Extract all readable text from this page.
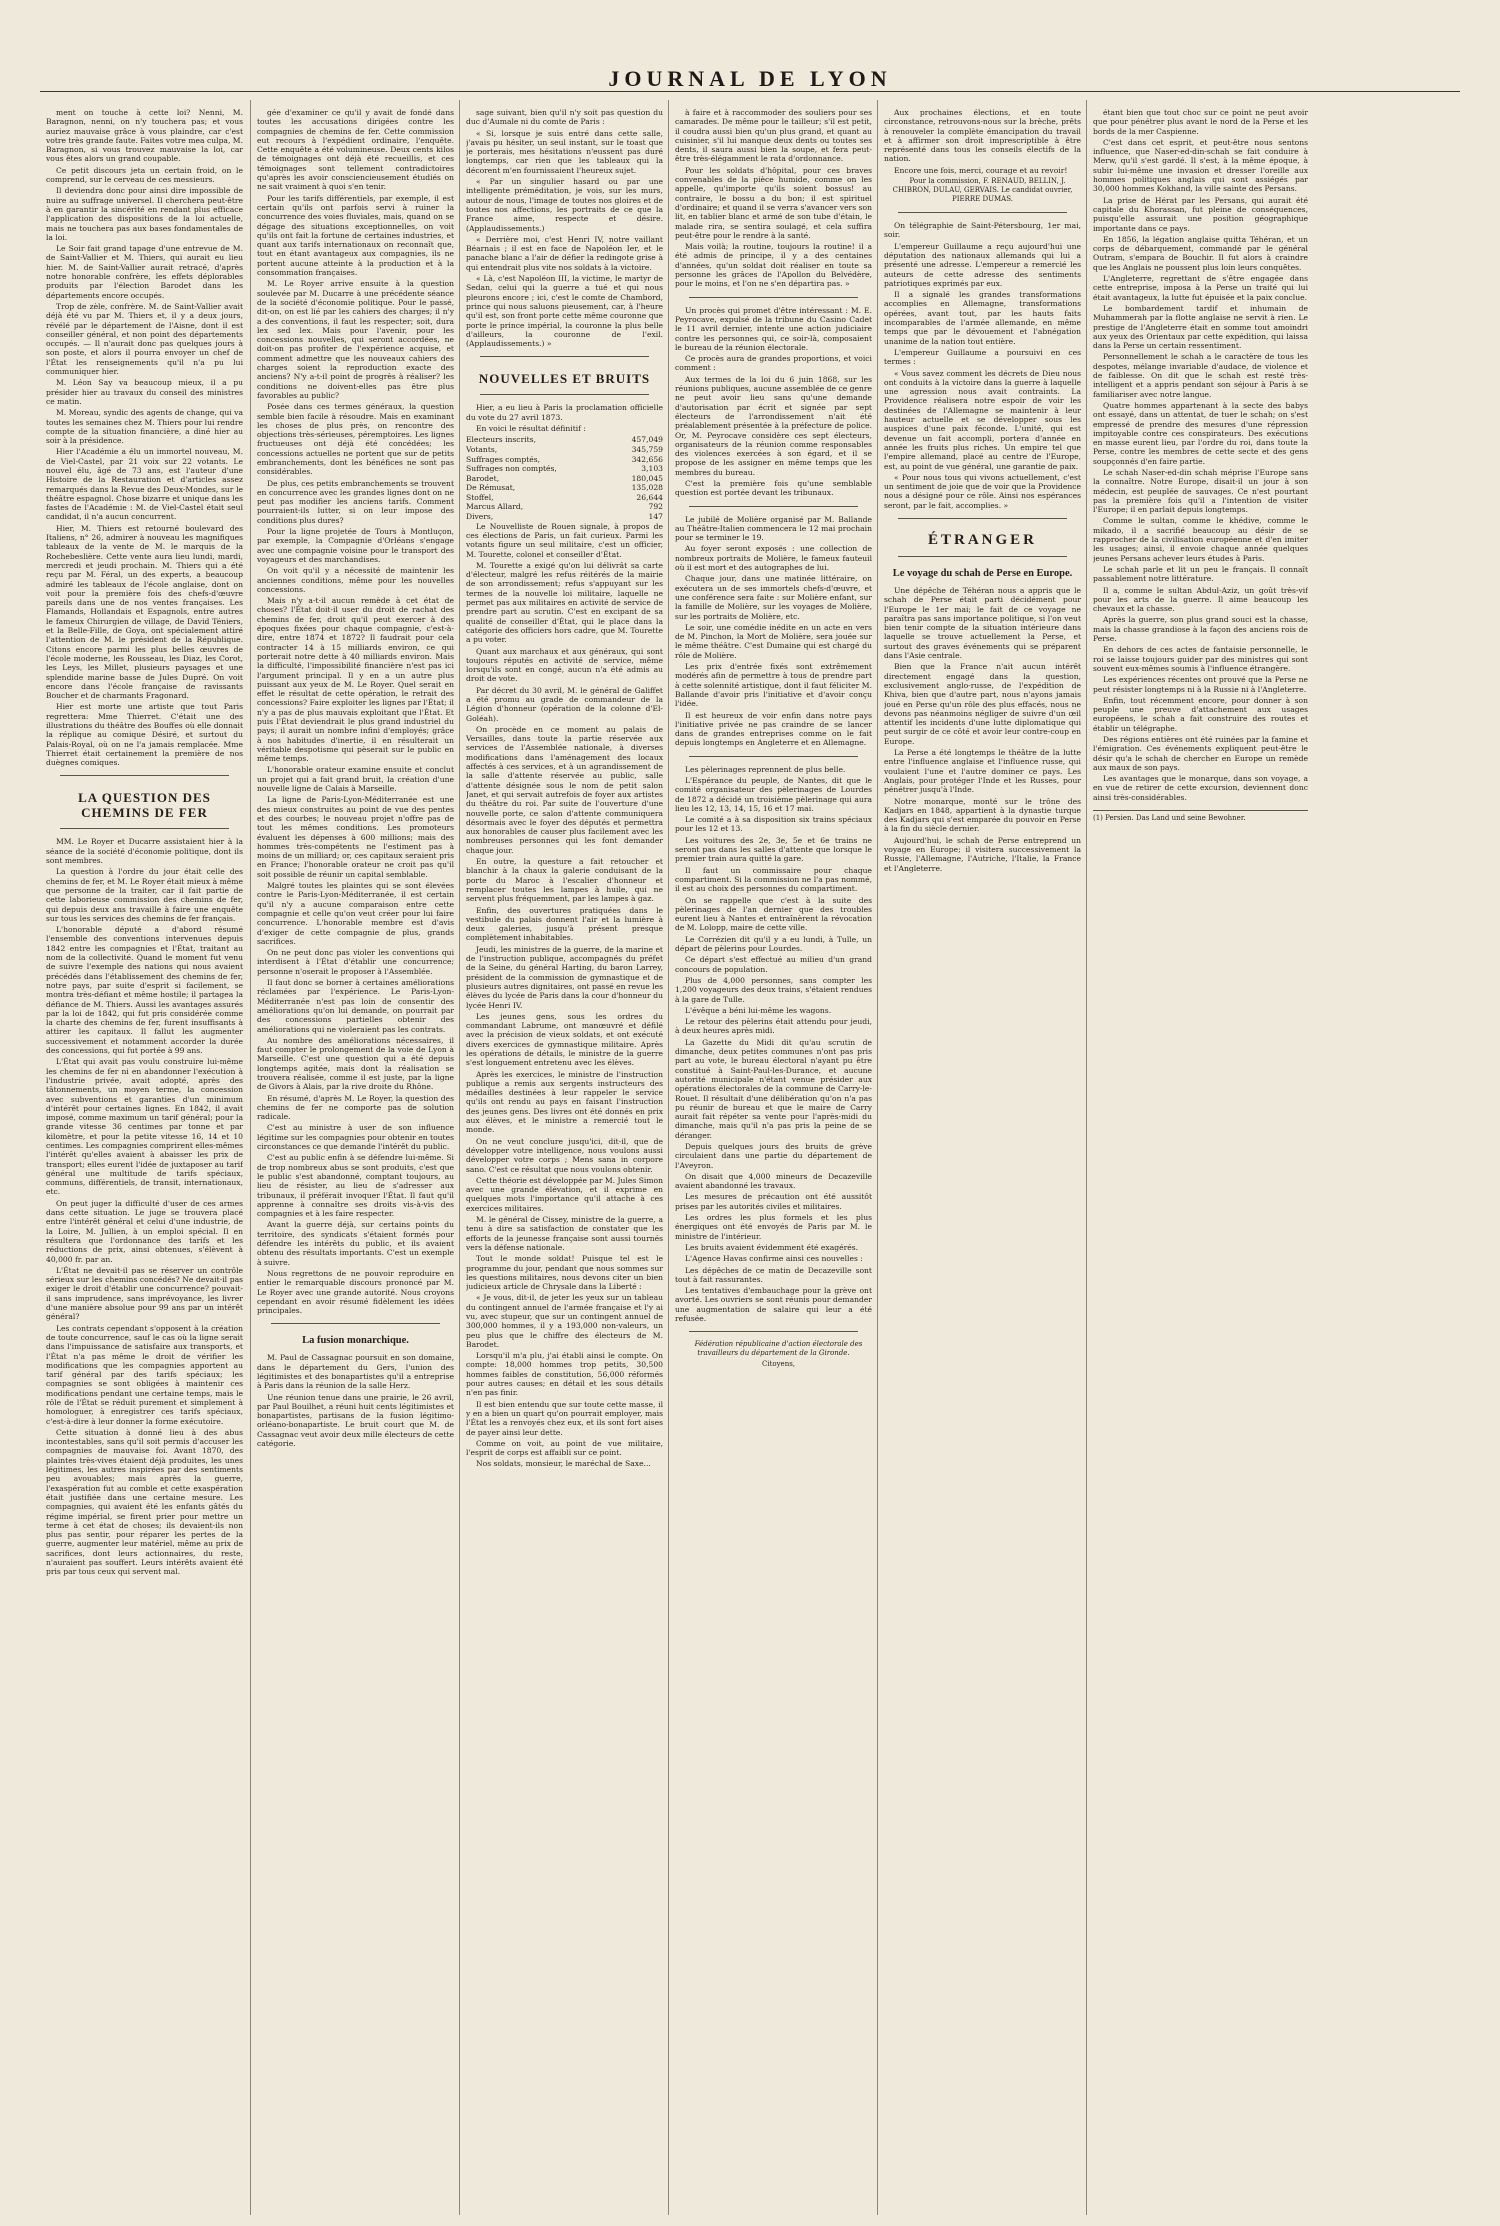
JOURNAL DE LYON

ment on touche à cette loi? Nenni, M. Baragnon, nenni, on n'y touchera pas; et vous auriez mauvaise grâce à vous plaindre, car c'est votre très grande faute. Faites votre mea culpa, M. Baragnon, si vous trouvez mauvaise la loi, car vous êtes alors un grand coupable.

Ce petit discours jeta un certain froid, on le comprend, sur le cerveau de ces messieurs.

Il deviendra donc pour ainsi dire impossible de nuire au suffrage universel. Il cherchera peut-être à en garantir la sincérité en rendant plus efficace l'application des dispositions de la loi actuelle, mais ne touchera pas aux bases fondamentales de la loi.

Le Soir fait grand tapage d'une entrevue de M. de Saint-Vallier et M. Thiers, qui aurait eu lieu hier. M. de Saint-Vallier aurait retracé, d'après notre honorable confrère, les effets déplorables produits par l'élection Barodet dans les départements encore occupés.

Trop de zèle, confrère. M. de Saint-Vallier avait déjà été vu par M. Thiers et, il y a deux jours, révélé par le département de l'Aisne, dont il est conseiller général, et non point des départements occupés. — Il n'aurait donc pas quelques jours à son poste, et alors il pourra envoyer un chef de l'État les renseignements qu'il n'a pu lui communiquer hier.

M. Léon Say va beaucoup mieux, il a pu présider hier au travaux du conseil des ministres ce matin.

M. Moreau, syndic des agents de change, qui va toutes les semaines chez M. Thiers pour lui rendre compte de la situation financière, a diné hier au soir à la présidence.

Hier l'Académie a élu un immortel nouveau, M. de Viel-Castel, par 21 voix sur 22 votants. Le nouvel élu, âgé de 73 ans, est l'auteur d'une Histoire de la Restauration et d'articles assez remarqués dans la Revue des Deux-Mondes, sur le théâtre espagnol. Chose bizarre et unique dans les fastes de l'Académie : M. de Viel-Castel était seul candidat, il n'a aucun concurrent.

Hier, M. Thiers est retourné boulevard des Italiens, n° 26, admirer à nouveau les magnifiques tableaux de la vente de M. le marquis de la Rochebeslière. Cette vente aura lieu lundi, mardi, mercredi et jeudi prochain. M. Thiers qui a été reçu par M. Féral, un des experts, a beaucoup admiré les tableaux de l'école anglaise, dont on voit pour la première fois des chefs-d'œuvre pareils dans une de nos ventes françaises. Les Flamands, Hollandais et Espagnols, entre autres le fameux Chirurgien de village, de David Téniers, et la Belle-Fille, de Goya, ont spécialement attiré l'attention de M. le président de la République. Citons encore parmi les plus belles œuvres de l'école moderne, les Rousseau, les Diaz, les Corot, les Leys, les Millet, plusieurs paysages et une splendide marine basse de Jules Dupré. On voit encore dans l'école française de ravissants Boucher et de charmants Fragonard.

Hier est morte une artiste que tout Paris regrettera: Mme Thierret. C'était une des illustrations du théâtre des Bouffes où elle donnait la réplique au comique Désiré, et surtout du Palais-Royal, où on ne l'a jamais remplacée. Mme Thierret était certainement la première de nos duègnes comiques.

LA QUESTION DES CHEMINS DE FER

MM. Le Royer et Ducarre assistaient hier à la séance de la société d'économie politique, dont ils sont membres.

La question à l'ordre du jour était celle des chemins de fer, et M. Le Royer était mieux à même que personne de la traiter, car il fait partie de cette laborieuse commission des chemins de fer, qui depuis deux ans travaille à faire une enquête sur tous les services des chemins de fer français.

L'honorable député a d'abord résumé l'ensemble des conventions intervenues depuis 1842 entre les compagnies et l'État, traitant au nom de la collectivité. Quand le moment fut venu de suivre l'exemple des nations qui nous avaient précédés dans l'établissement des chemins de fer, notre pays, par suite d'esprit si facilement, se montra très-défiant et même hostile; il partagea la défiance de M. Thiers. Aussi les avantages assurés par la loi de 1842, qui fut pris considérée comme la charte des chemins de fer, furent insuffisants à attirer les capitaux. Il fallut les augmenter successivement et notamment accorder la durée des concessions, qui fut portée à 99 ans.

L'État qui avait pas voulu construire lui-même les chemins de fer ni en abandonner l'exécution à l'industrie privée, avait adopté, après des tâtonnements, un moyen terme, la concession avec subventions et garanties d'un minimum d'intérêt pour certaines lignes. En 1842, il avait imposé, comme maximum un tarif général; pour la grande vitesse 36 centimes par tonne et par kilomètre, et pour la petite vitesse 16, 14 et 10 centimes. Les compagnies comprirent elles-mêmes l'intérêt qu'elles avaient à abaisser les prix de transport; elles eurent l'idée de juxtaposer au tarif général une multitude de tarifs spéciaux, communs, différentiels, de transit, internationaux, etc.

On peut juger la difficulté d'user de ces armes dans cette situation. Le juge se trouvera placé entre l'intérêt général et celui d'une industrie, de la Loire, M. Jullien, à un emploi spécial. Il en résultera que l'ordonnance des tarifs et les réductions de prix, ainsi obtenues, s'élèvent à 40,000 fr. par an.

L'État ne devait-il pas se réserver un contrôle sérieux sur les chemins concédés? Ne devait-il pas exiger le droit d'établir une concurrence? pouvait-il sans imprudence, sans imprévoyance, les livrer d'une manière absolue pour 99 ans par un intérêt général?

Les contrats cependant s'opposent à la création de toute concurrence, sauf le cas où la ligne serait dans l'impuissance de satisfaire aux transports, et l'État n'a pas même le droit de vérifier les modifications que les compagnies apportent au tarif général par des tarifs spéciaux; les compagnies se sont obligées à maintenir ces modifications pendant une certaine temps, mais le rôle de l'État se réduit purement et simplement à homologuer, à enregistrer ces tarifs spéciaux, c'est-à-dire à leur donner la forme exécutoire.

Cette situation à donné lieu à des abus incontestables, sans qu'il soit permis d'accuser les compagnies de mauvaise foi. Avant 1870, des plaintes très-vives étaient déjà produites, les unes légitimes, les autres inspirées par des sentiments peu avouables; mais après la guerre, l'exaspération fut au comble et cette exaspération était justifiée dans une certaine mesure. Les compagnies, qui avaient été les enfants gâtés du régime impérial, se firent prier pour mettre un terme à cet état de choses; ils devaient-ils non plus pas sentir, pour réparer les pertes de la guerre, augmenter leur matériel, même au prix de sacrifices, dont leurs actionnaires, du reste, n'auraient pas souffert. Leurs intérêts avaient été pris par tous ceux qui servent mal.

gée d'examiner ce qu'il y avait de fondé dans toutes les accusations dirigées contre les compagnies de chemins de fer. Cette commission eut recours à l'expédient ordinaire, l'enquête. Cette enquête a été volumineuse. Deux cents kilos de témoignages ont déjà été recueillis, et ces témoignages sont tellement contradictoires qu'après les avoir consciencieusement étudiés on ne sait vraiment à quoi s'en tenir.

Pour les tarifs différentiels, par exemple, il est certain qu'ils ont parfois servi à ruiner la concurrence des voies fluviales, mais, quand on se dégage des situations exceptionnelles, on voit qu'ils ont fait la fortune de certaines industries, et quant aux tarifs internationaux on reconnaît que, tout en étant avantageux aux compagnies, ils ne portent aucune atteinte à la production et à la consommation françaises.

M. Le Royer arrive ensuite à la question soulevée par M. Ducarre à une précédente séance de la société d'économie politique. Pour le passé, dit-on, on est lié par les cahiers des charges; il n'y a des conventions, il faut les respecter; soit, dura lex sed lex. Mais pour l'avenir, pour les concessions nouvelles, qui seront accordées, ne doit-on pas profiter de l'expérience acquise, et comment admettre que les nouveaux cahiers des charges soient la reproduction exacte des anciens? N'y a-t-il point de progrès à réaliser? les conditions ne doivent-elles pas être plus favorables au public?

Posée dans ces termes généraux, la question semble bien facile à résoudre. Mais en examinant les choses de plus près, on rencontre des objections très-sérieuses, péremptoires. Les lignes fructueuses ont déjà été concédées; les concessions actuelles ne portent que sur de petits embranchements, dont les bénéfices ne sont pas considérables.

De plus, ces petits embranchements se trouvent en concurrence avec les grandes lignes dont on ne peut pas modifier les anciens tarifs. Comment pourraient-ils lutter, si on leur impose des conditions plus dures?

Pour la ligne projetée de Tours à Montluçon, par exemple, la Compagnie d'Orléans s'engage avec une compagnie voisine pour le transport des voyageurs et des marchandises.

On voit qu'il y a nécessité de maintenir les anciennes conditions, même pour les nouvelles concessions.

Mais n'y a-t-il aucun remède à cet état de choses? l'État doit-il user du droit de rachat des chemins de fer, droit qu'il peut exercer à des époques fixées pour chaque compagnie, c'est-à-dire, entre 1874 et 1872? Il faudrait pour cela contracter 14 à 15 milliards environ, ce qui porterait notre dette à 40 milliards environ. Mais la difficulté, l'impossibilité financière n'est pas ici l'argument principal. Il y en a un autre plus puissant aux yeux de M. Le Royer. Quel serait en effet le résultat de cette opération, le retrait des concessions? Faire exploiter les lignes par l'État; il n'y a pas de plus mauvais exploitant que l'État. Et puis l'État deviendrait le plus grand industriel du pays; il aurait un nombre infini d'employés; grâce à nos habitudes d'inertie, il en résulterait un véritable despotisme qui pèserait sur le public en même temps.

L'honorable orateur examine ensuite et conclut un projet qui a fait grand bruit, la création d'une nouvelle ligne de Calais à Marseille.

La ligne de Paris-Lyon-Méditerranée est une des mieux construites au point de vue des pentes et des courbes; le nouveau projet n'offre pas de tout les mêmes conditions. Les promoteurs évaluent les dépenses à 600 millions; mais des hommes très-compétents ne l'estiment pas à moins de un milliard; or, ces capitaux seraient pris en France; l'honorable orateur ne croit pas qu'il soit possible de réunir un capital semblable.

Malgré toutes les plaintes qui se sont élevées contre le Paris-Lyon-Méditerranée, il est certain qu'il n'y a aucune comparaison entre cette compagnie et celle qu'on veut créer pour lui faire concurrence. L'honorable membre est d'avis d'exiger de cette compagnie de plus, grands sacrifices.

On ne peut donc pas violer les conventions qui interdisent à l'État d'établir une concurrence; personne n'oserait le proposer à l'Assemblée.

Il faut donc se borner à certaines améliorations réclamées par l'expérience. Le Paris-Lyon-Méditerranée n'est pas loin de consentir des améliorations qu'on lui demande, on pourrait par des concessions partielles obtenir des améliorations qui ne violeraient pas les contrats.

Au nombre des améliorations nécessaires, il faut compter le prolongement de la voie de Lyon à Marseille. C'est une question qui a été depuis longtemps agitée, mais dont la réalisation se trouvera réalisée, comme il est juste, par la ligne de Givors à Alais, par la rive droite du Rhône.

En résumé, d'après M. Le Royer, la question des chemins de fer ne comporte pas de solution radicale.

C'est au ministre à user de son influence légitime sur les compagnies pour obtenir en toutes circonstances ce que demande l'intérêt du public.

C'est au public enfin à se défendre lui-même. Si de trop nombreux abus se sont produits, c'est que le public s'est abandonné, comptant toujours, au lieu de résister, au lieu de s'adresser aux tribunaux, il préférait invoquer l'État. Il faut qu'il apprenne à connaître ses droits vis-à-vis des compagnies et à les faire respecter.

Avant la guerre déjà, sur certains points du territoire, des syndicats s'étaient formés pour défendre les intérêts du public, et ils avaient obtenu des résultats importants. C'est un exemple à suivre.

Nous regrettons de ne pouvoir reproduire en entier le remarquable discours prononcé par M. Le Royer avec une grande autorité. Nous croyons cependant en avoir résumé fidèlement les idées principales.

La fusion monarchique.

M. Paul de Cassagnac poursuit en son domaine, dans le département du Gers, l'union des légitimistes et des bonapartistes qu'il a entreprise à Paris dans la réunion de la salle Herz.

Une réunion tenue dans une prairie, le 26 avril, par Paul Bouilhet, a réuni huit cents légitimistes et bonapartistes, partisans de la fusion légitimo-orléano-bonapartiste. Le bruit court que M. de Cassagnac veut avoir deux mille électeurs de cette catégorie.

sage suivant, bien qu'il n'y soit pas question du duc d'Aumale ni du comte de Paris :

« Si, lorsque je suis entré dans cette salle, j'avais pu hésiter, un seul instant, sur le toast que je porterais, mes hésitations n'eussent pas duré longtemps, car rien que les tableaux qui la décorent m'en fournissaient l'heureux sujet.

« Par un singulier hasard ou par une intelligente préméditation, je vois, sur les murs, autour de nous, l'image de toutes nos gloires et de toutes nos affections, les portraits de ce que la France aime, respecte et désire. (Applaudissements.)

« Derrière moi, c'est Henri IV, notre vaillant Béarnais ; il est en face de Napoléon Ier, et le panache blanc a l'air de défier la redingote grise à qui entendrait plus vite nos soldats à la victoire.

« Là, c'est Napoléon III, la victime, le martyr de Sedan, celui qui la guerre a tué et qui nous pleurons encore ; ici, c'est le comte de Chambord, prince qui nous saluons pieusement, car, à l'heure qu'il est, son front porte cette même couronne que porte le prince impérial, la couronne la plus belle d'ailleurs, la couronne de l'exil. (Applaudissements.) »

NOUVELLES ET BRUITS

Hier, a eu lieu à Paris la proclamation officielle du vote du 27 avril 1873.

En voici le résultat définitif :

Electeurs inscrits,	457,049
Votants,	345,759
Suffrages comptés,	342,656
Suffrages non comptés,	3,103
Barodet,	180,045
De Rémusat,	135,028
Stoffel,	26,644
Marcus Allard,	792
Divers,	147

Le Nouvelliste de Rouen signale, à propos de ces élections de Paris, un fait curieux. Parmi les votants figure un seul militaire, c'est un officier, M. Tourette, colonel et conseiller d'État.

M. Tourette a exigé qu'on lui délivrât sa carte d'électeur, malgré les refus réitérés de la mairie de son arrondissement; refus s'appuyant sur les termes de la nouvelle loi militaire, laquelle ne permet pas aux militaires en activité de service de prendre part au scrutin. C'est en excipant de sa qualité de conseiller d'État, qui le place dans la catégorie des officiers hors cadre, que M. Tourette a pu voter.

Quant aux marchaux et aux généraux, qui sont toujours réputés en activité de service, même lorsqu'ils sont en congé, aucun n'a été admis au droit de vote.

Par décret du 30 avril, M. le général de Galiffet a été promu au grade de commandeur de la Légion d'honneur (opération de la colonne d'El-Goléah).

On procède en ce moment au palais de Versailles, dans toute la partie réservée aux services de l'Assemblée nationale, à diverses modifications dans l'aménagement des locaux affectés à ces services, et à un agrandissement de la salle d'attente réservée au public, salle d'attente désignée sous le nom de petit salon Janet, et qui servait autrefois de foyer aux artistes du théâtre du roi. Par suite de l'ouverture d'une nouvelle porte, ce salon d'attente communiquera désormais avec le foyer des députés et permettra aux honorables de causer plus facilement avec les nombreuses personnes qui les font demander chaque jour.

En outre, la questure a fait retoucher et blanchir à la chaux la galerie conduisant de la porte du Maroc à l'escalier d'honneur et remplacer toutes les lampes à huile, qui ne servent plus fréquemment, par les lampes à gaz.

Enfin, des ouvertures pratiquées dans le vestibule du palais donnent l'air et la lumière à deux galeries, jusqu'à présent presque complètement inhabitables.

Jeudi, les ministres de la guerre, de la marine et de l'instruction publique, accompagnés du préfet de la Seine, du général Harting, du baron Larrey, président de la commission de gymnastique et de plusieurs autres dignitaires, ont passé en revue les élèves du lycée de Paris dans la cour d'honneur du lycée Henri IV.

Les jeunes gens, sous les ordres du commandant Labrume, ont manœuvré et défilé avec la précision de vieux soldats, et ont exécuté divers exercices de gymnastique militaire. Après les opérations de détails, le ministre de la guerre s'est longuement entretenu avec les élèves.

Après les exercices, le ministre de l'instruction publique a remis aux sergents instructeurs des médailles destinées à leur rappeler le service qu'ils ont rendu au pays en faisant l'instruction des jeunes gens. Des livres ont été donnés en prix aux élèves, et le ministre a remercié tout le monde.

On ne veut conclure jusqu'ici, dit-il, que de développer votre intelligence, nous voulons aussi développer votre corps ; Mens sana in corpore sano. C'est ce résultat que nous voulons obtenir.

Cette théorie est développée par M. Jules Simon avec une grande élévation, et il exprime en quelques mots l'importance qu'il attache à ces exercices militaires.

M. le général de Cissey, ministre de la guerre, a tenu à dire sa satisfaction de constater que les efforts de la jeunesse française sont aussi tournés vers la défense nationale.

Tout le monde soldat! Puisque tel est le programme du jour, pendant que nous sommes sur les questions militaires, nous devons citer un bien judicieux article de Chrysale dans la Liberté :

« Je vous, dit-il, de jeter les yeux sur un tableau du contingent annuel de l'armée française et l'y ai vu, avec stupeur, que sur un contingent annuel de 300,000 hommes, il y a 193,000 non-valeurs, un peu plus que le chiffre des électeurs de M. Barodet.

Lorsqu'il m'a plu, j'ai établi ainsi le compte. On compte: 18,000 hommes trop petits, 30,500 hommes faibles de constitution, 56,000 réformés pour autres causes; en détail et les sous détails n'en pas finir.

Il est bien entendu que sur toute cette masse, il y en a bien un quart qu'on pourrait employer, mais l'État les a renvoyés chez eux, et ils sont fort aises de payer ainsi leur dette.

Comme on voit, au point de vue militaire, l'esprit de corps est affaibli sur ce point.

Nos soldats, monsieur, le maréchal de Saxe...

à faire et à raccommoder des souliers pour ses camarades. De même pour le tailleur; s'il est petit, il coudra aussi bien qu'un plus grand, et quant au cuisinier, s'il lui manque deux dents ou toutes ses dents, il saura aussi bien la soupe, et fera peut-être très-élégamment le rata d'ordonnance.

Pour les soldats d'hôpital, pour ces braves convenables de la pièce humide, comme on les appelle, qu'importe qu'ils soient bossus! au contraire, le bossu a du bon; il est spirituel d'ordinaire; et quand il se verra s'avancer vers son lit, en tablier blanc et armé de son tube d'étain, le malade rira, se sentira soulagé, et cela suffira peut-être pour le rendre à la santé.

Mais voilà; la routine, toujours la routine! il a été admis de principe, il y a des centaines d'années, qu'un soldat doit réaliser en toute sa personne les grâces de l'Apollon du Belvédère, pour le moins, et l'on ne s'en départira pas. »

Un procès qui promet d'être intéressant : M. E. Peyrocave, expulsé de la tribune du Casino Cadet le 11 avril dernier, intente une action judiciaire contre les personnes qui, ce soir-là, composaient le bureau de la réunion électorale.

Ce procès aura de grandes proportions, et voici comment :

Aux termes de la loi du 6 juin 1868, sur les réunions publiques, aucune assemblée de ce genre ne peut avoir lieu sans qu'une demande d'autorisation par écrit et signée par sept électeurs de l'arrondissement n'ait été préalablement présentée à la préfecture de police. Or, M. Peyrocave considère ces sept électeurs, organisateurs de la réunion comme responsables des violences exercées à son égard, et il se propose de les assigner en même temps que les membres du bureau.

C'est la première fois qu'une semblable question est portée devant les tribunaux.

Le jubilé de Molière organisé par M. Ballande au Théâtre-Italien commencera le 12 mai prochain pour se terminer le 19.

Au foyer seront exposés : une collection de nombreux portraits de Molière, le fameux fauteuil où il est mort et des autographes de lui.

Chaque jour, dans une matinée littéraire, on exécutera un de ses immortels chefs-d'œuvre, et une conférence sera faite : sur Molière enfant, sur la famille de Molière, sur les voyages de Molière, sur les portraits de Molière, etc.

Le soir, une comédie inédite en un acte en vers de M. Pinchon, la Mort de Molière, sera jouée sur le même théâtre. C'est Dumaine qui est chargé du rôle de Molière.

Les prix d'entrée fixés sont extrêmement modérés afin de permettre à tous de prendre part à cette solennité artistique, dont il faut féliciter M. Ballande d'avoir pris l'initiative et d'avoir conçu l'idée.

Il est heureux de voir enfin dans notre pays l'initiative privée ne pas craindre de se lancer dans de grandes entreprises comme on le fait depuis longtemps en Angleterre et en Allemagne.

Les pèlerinages reprennent de plus belle.

L'Espérance du peuple, de Nantes, dit que le comité organisateur des pèlerinages de Lourdes de 1872 a décidé un troisième pèlerinage qui aura lieu les 12, 13, 14, 15, 16 et 17 mai.

Le comité a à sa disposition six trains spéciaux pour les 12 et 13.

Les voitures des 2e, 3e, 5e et 6e trains ne seront pas dans les salles d'attente que lorsque le premier train aura quitté la gare.

Il faut un commissaire pour chaque compartiment. Si la commission ne l'a pas nommé, il est au choix des personnes du compartiment.

On se rappelle que c'est à la suite des pèlerinages de l'an dernier que des troubles eurent lieu à Nantes et entraînèrent la révocation de M. Lolopp, maire de cette ville.

Le Corrézien dit qu'il y a eu lundi, à Tulle, un départ de pèlerins pour Lourdes.

Ce départ s'est effectué au milieu d'un grand concours de population.

Plus de 4,000 personnes, sans compter les 1,200 voyageurs des deux trains, s'étaient rendues à la gare de Tulle.

L'évêque a béni lui-même les wagons.

Le retour des pèlerins était attendu pour jeudi, à deux heures après midi.

La Gazette du Midi dit qu'au scrutin de dimanche, deux petites communes n'ont pas pris part au vote, le bureau électoral n'ayant pu être constitué à Saint-Paul-les-Durance, et aucune autorité municipale n'étant venue présider aux opérations électorales de la commune de Carry-le-Rouet. Il résultait d'une délibération qu'on n'a pas pu réunir de bureau et que le maire de Carry aurait fait répéter sa vente pour l'après-midi du dimanche, mais qu'il n'a pas pris la peine de se déranger.

Depuis quelques jours des bruits de grève circulaient dans une partie du département de l'Aveyron.

On disait que 4,000 mineurs de Decazeville avaient abandonné les travaux.

Les mesures de précaution ont été aussitôt prises par les autorités civiles et militaires.

Les ordres les plus formels et les plus énergiques ont été envoyés de Paris par M. le ministre de l'intérieur.

Les bruits avaient évidemment été exagérés.

L'Agence Havas confirme ainsi ces nouvelles :

Les dépêches de ce matin de Decazeville sont tout à fait rassurantes.

Les tentatives d'embauchage pour la grève ont avorté. Les ouvriers se sont réunis pour demander une augmentation de salaire qui leur a été refusée.

Fédération républicaine d'action électorale des travailleurs du département de la Gironde.

Citoyens,

Aux prochaines élections, et en toute circonstance, retrouvons-nous sur la brèche, prêts à renouveler la complète émancipation du travail et à affirmer son droit imprescriptible à être représenté dans tous les conseils électifs de la nation.

Encore une fois, merci, courage et au revoir!

Pour la commission, F. RENAUD, BELLIN, J. CHIBRON, DULAU, GERVAIS. Le candidat ouvrier, PIERRE DUMAS.

On télégraphie de Saint-Pétersbourg, 1er mai, soir.

L'empereur Guillaume a reçu aujourd'hui une députation des nationaux allemands qui lui a présenté une adresse. L'empereur a remercié les auteurs de cette adresse des sentiments patriotiques exprimés par eux.

Il a signalé les grandes transformations accomplies en Allemagne, transformations opérées, avant tout, par les hauts faits incomparables de l'armée allemande, en même temps que par le dévouement et l'abnégation unanime de la nation tout entière.

L'empereur Guillaume a poursuivi en ces termes :

« Vous savez comment les décrets de Dieu nous ont conduits à la victoire dans la guerre à laquelle une agression nous avait contraints. La Providence réalisera notre espoir de voir les destinées de l'Allemagne se maintenir à leur hauteur actuelle et se développer sous les auspices d'une paix féconde. L'unité, qui est devenue un fait accompli, portera d'année en année les fruits plus riches. Un empire tel que l'empire allemand, placé au centre de l'Europe, est, au point de vue général, une garantie de paix.

« Pour nous tous qui vivons actuellement, c'est un sentiment de joie que de voir que la Providence nous a désigné pour ce rôle. Ainsi nos espérances seront, par le fait, accomplies. »

ÉTRANGER
Le voyage du schah de Perse en Europe.

Une dépêche de Téhéran nous a appris que le schah de Perse était parti décidément pour l'Europe le 1er mai; le fait de ce voyage ne paraîtra pas sans importance politique, si l'on veut bien tenir compte de la situation intérieure dans laquelle se trouve actuellement la Perse, et surtout des graves événements qui se préparent dans l'Asie centrale.

Bien que la France n'ait aucun intérêt directement engagé dans la question, exclusivement anglo-russe, de l'expédition de Khiva, bien que d'autre part, nous n'ayons jamais joué en Perse qu'un rôle des plus effacés, nous ne devons pas néanmoins négliger de suivre d'un œil attentif les incidents d'une lutte diplomatique qui peut surgir de ce côté et avoir leur contre-coup en Europe.

La Perse a été longtemps le théâtre de la lutte entre l'influence anglaise et l'influence russe, qui voulaient l'une et l'autre dominer ce pays. Les Anglais, pour protéger l'Inde et les Russes, pour pénétrer jusqu'à l'Inde.

Notre monarque, monté sur le trône des Kadjars en 1848, appartient à la dynastie turque des Kadjars qui s'est emparée du pouvoir en Perse à la fin du siècle dernier.

Aujourd'hui, le schah de Perse entreprend un voyage en Europe; il visitera successivement la Russie, l'Allemagne, l'Autriche, l'Italie, la France et l'Angleterre.

étant bien que tout choc sur ce point ne peut avoir que pour pénétrer plus avant le nord de la Perse et les bords de la mer Caspienne.

C'est dans cet esprit, et peut-être nous sentons influence, que Naser-ed-din-schah se fait conduire à Merw, qu'il s'est gardé. Il s'est, à la même époque, à subir lui-même une invasion et dresser l'oreille aux hommes politiques anglais qui sont assiégés par 30,000 hommes Kokhand, la ville sainte des Persans.

La prise de Hérat par les Persans, qui aurait été capitale du Khorassan, fut pleine de conséquences, puisqu'elle assurait une position géographique importante dans ce pays.

En 1856, la légation anglaise quitta Téhéran, et un corps de débarquement, commandé par le général Outram, s'empara de Bouchir. Il fut alors à craindre que les Anglais ne poussent plus loin leurs conquêtes.

L'Angleterre, regrettant de s'être engagée dans cette entreprise, imposa à la Perse un traité qui lui était avantageux, la lutte fut épuisée et la paix conclue.

Le bombardement tardif et inhumain de Muhammerah par la flotte anglaise ne servit à rien. Le prestige de l'Angleterre était en somme tout amoindri aux yeux des Orientaux par cette expédition, qui laissa dans la Perse un certain ressentiment.

Personnellement le schah a le caractère de tous les despotes, mélange invariable d'audace, de violence et de faiblesse. On dit que le schah est resté très-intelligent et a appris pendant son séjour à Paris à se familiariser avec notre langue.

Quatre hommes appartenant à la secte des babys ont essayé, dans un attentat, de tuer le schah; on s'est empressé de prendre des mesures d'une répression impitoyable contre ces conspirateurs. Des exécutions en masse eurent lieu, par l'ordre du roi, dans toute la Perse, contre les membres de cette secte et des gens soupçonnés d'en faire partie.

Le schah Naser-ed-din schah méprise l'Europe sans la connaître. Notre Europe, disait-il un jour à son médecin, est peuplée de sauvages. Ce n'est pourtant pas la première fois qu'il a l'intention de visiter l'Europe; il en parlait depuis longtemps.

Comme le sultan, comme le khédive, comme le mikado, il a sacrifié beaucoup au désir de se rapprocher de la civilisation européenne et d'en imiter les usages; ainsi, il envoie chaque année quelques jeunes Persans achever leurs études à Paris.

Le schah parle et lit un peu le français. Il connaît passablement notre littérature.

Il a, comme le sultan Abdul-Aziz, un goût très-vif pour les arts de la guerre. Il aime beaucoup les chevaux et la chasse.

Après la guerre, son plus grand souci est la chasse, mais la chasse grandiose à la façon des anciens rois de Perse.

En dehors de ces actes de fantaisie personnelle, le roi se laisse toujours guider par des ministres qui sont souvent eux-mêmes soumis à l'influence étrangère.

Les expériences récentes ont prouvé que la Perse ne peut résister longtemps ni à la Russie ni à l'Angleterre.

Enfin, tout récemment encore, pour donner à son peuple une preuve d'attachement aux usages européens, le schah a fait construire des routes et établir un télégraphe.

Des régions entières ont été ruinées par la famine et l'émigration. Ces événements expliquent peut-être le désir qu'a le schah de chercher en Europe un remède aux maux de son pays.

Les avantages que le monarque, dans son voyage, a en vue de retirer de cette excursion, deviennent donc ainsi très-considérables.

(1) Persien. Das Land und seine Bewohner.
